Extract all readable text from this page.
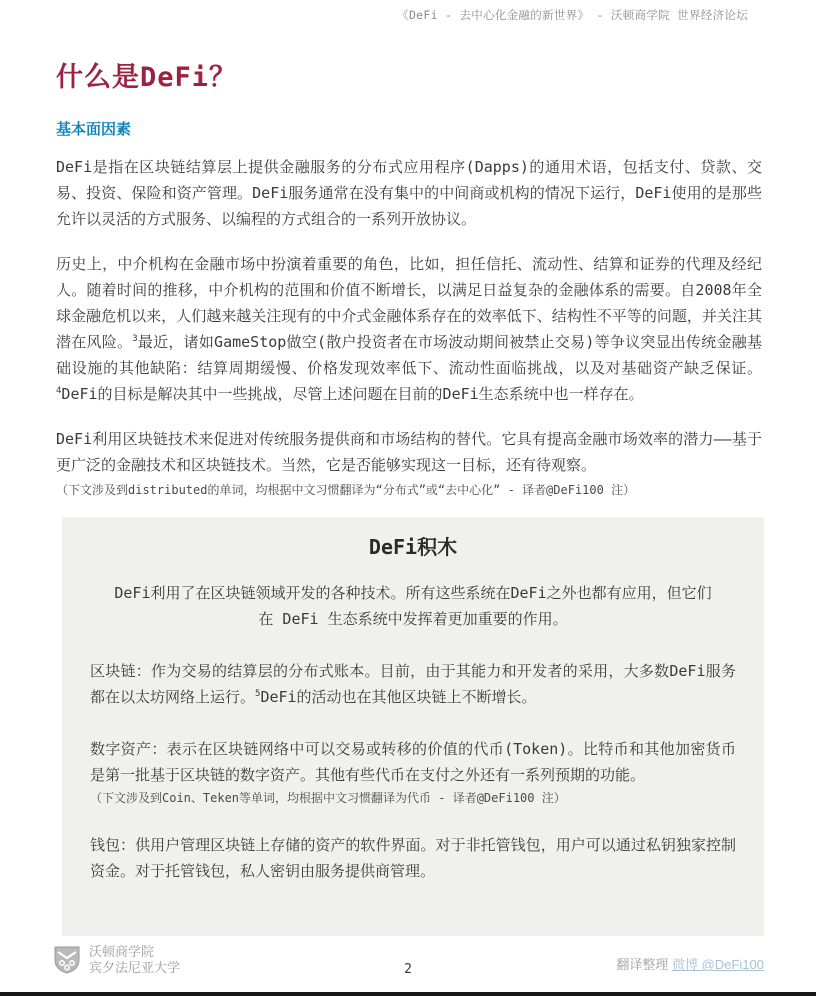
《DeFi - 去中心化金融的新世界》 - 沃顿商学院 世界经济论坛
什么是DeFi？
基本面因素

DeFi是指在区块链结算层上提供金融服务的分布式应用程序(Dapps)的通用术语，包括支付、贷款、交易、投资、保险和资产管理。DeFi服务通常在没有集中的中间商或机构的情况下运行，DeFi使用的是那些允许以灵活的方式服务、以编程的方式组合的一系列开放协议。

历史上，中介机构在金融市场中扮演着重要的角色，比如，担任信托、流动性、结算和证券的代理及经纪人。随着时间的推移，中介机构的范围和价值不断增长，以满足日益复杂的金融体系的需要。自2008年全球金融危机以来，人们越来越关注现有的中介式金融体系存在的效率低下、结构性不平等的问题，并关注其潜在风险。$^3$最近，诸如GameStop做空(散户投资者在市场波动期间被禁止交易)等争议突显出传统金融基础设施的其他缺陷：结算周期缓慢、价格发现效率低下、流动性面临挑战，以及对基础资产缺乏保证。$^4$DeFi的目标是解决其中一些挑战，尽管上述问题在目前的DeFi生态系统中也一样存在。

DeFi利用区块链技术来促进对传统服务提供商和市场结构的替代。它具有提高金融市场效率的潜力——基于更广泛的金融技术和区块链技术。当然，它是否能够实现这一目标，还有待观察。

（下文涉及到distributed的单词，均根据中文习惯翻译为“分布式”或“去中心化” - 译者@DeFi100 注）

DeFi积木

DeFi利用了在区块链领域开发的各种技术。所有这些系统在DeFi之外也都有应用，但它们在 DeFi 生态系统中发挥着更加重要的作用。

区块链：作为交易的结算层的分布式账本。目前，由于其能力和开发者的采用，大多数DeFi服务都在以太坊网络上运行。$^5$DeFi的活动也在其他区块链上不断增长。

数字资产：表示在区块链网络中可以交易或转移的价值的代币(Token)。比特币和其他加密货币是第一批基于区块链的数字资产。其他有些代币在支付之外还有一系列预期的功能。

（下文涉及到Coin、Teken等单词，均根据中文习惯翻译为代币 - 译者@DeFi100 注）

钱包：供用户管理区块链上存储的资产的软件界面。对于非托管钱包，用户可以通过私钥独家控制资金。对于托管钱包，私人密钥由服务提供商管理。

沃顿商学院
宾夕法尼亚大学	2	翻译整理 微博 @DeFi100
